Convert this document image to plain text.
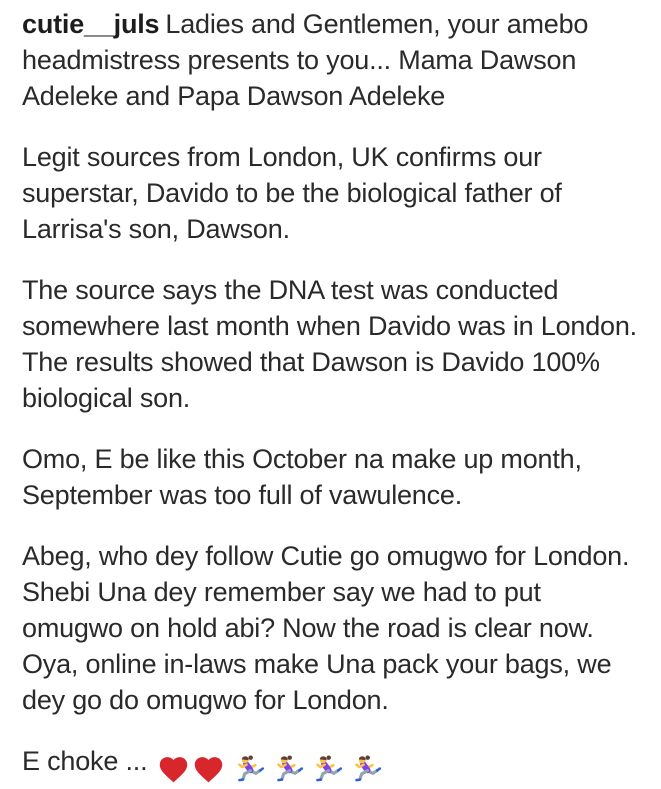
cutie__juls Ladies and Gentlemen, your amebo headmistress presents to you... Mama Dawson Adeleke and Papa Dawson Adeleke

Legit sources from London, UK confirms our superstar, Davido to be the biological father of Larrisa's son, Dawson.

The source says the DNA test was conducted somewhere last month when Davido was in London. The results showed that Dawson is Davido 100% biological son.

Omo, E be like this October na make up month, September was too full of vawulence.

Abeg, who dey follow Cutie go omugwo for London. Shebi Una dey remember say we had to put omugwo on hold abi? Now the road is clear now. Oya, online in-laws make Una pack your bags, we dey go do omugwo for London.

E choke ...
